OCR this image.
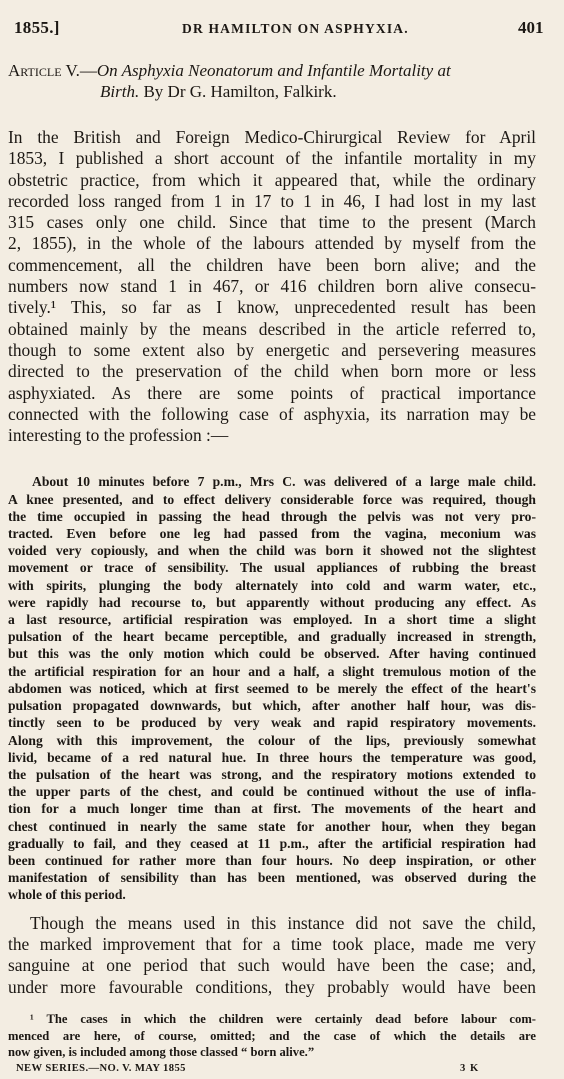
1855.]	DR HAMILTON ON ASPHYXIA.	401
Article V.—On Asphyxia Neonatorum and Infantile Mortality at
Birth. By Dr G. Hamilton, Falkirk.
In the British and Foreign Medico-Chirurgical Review for April
1853, I published a short account of the infantile mortality in my
obstetric practice, from which it appeared that, while the ordinary
recorded loss ranged from 1 in 17 to 1 in 46, I had lost in my last
315 cases only one child. Since that time to the present (March
2, 1855), in the whole of the labours attended by myself from the
commencement, all the children have been born alive; and the
numbers now stand 1 in 467, or 416 children born alive consecu-
tively.¹ This, so far as I know, unprecedented result has been
obtained mainly by the means described in the article referred to,
though to some extent also by energetic and persevering measures
directed to the preservation of the child when born more or less
asphyxiated. As there are some points of practical importance
connected with the following case of asphyxia, its narration may be
interesting to the profession :—
About 10 minutes before 7 p.m., Mrs C. was delivered of a large male child.
A knee presented, and to effect delivery considerable force was required, though
the time occupied in passing the head through the pelvis was not very pro-
tracted. Even before one leg had passed from the vagina, meconium was
voided very copiously, and when the child was born it showed not the slightest
movement or trace of sensibility. The usual appliances of rubbing the breast
with spirits, plunging the body alternately into cold and warm water, etc.,
were rapidly had recourse to, but apparently without producing any effect. As
a last resource, artificial respiration was employed. In a short time a slight
pulsation of the heart became perceptible, and gradually increased in strength,
but this was the only motion which could be observed. After having continued
the artificial respiration for an hour and a half, a slight tremulous motion of the
abdomen was noticed, which at first seemed to be merely the effect of the heart's
pulsation propagated downwards, but which, after another half hour, was dis-
tinctly seen to be produced by very weak and rapid respiratory movements.
Along with this improvement, the colour of the lips, previously somewhat
livid, became of a red natural hue. In three hours the temperature was good,
the pulsation of the heart was strong, and the respiratory motions extended to
the upper parts of the chest, and could be continued without the use of infla-
tion for a much longer time than at first. The movements of the heart and
chest continued in nearly the same state for another hour, when they began
gradually to fail, and they ceased at 11 p.m., after the artificial respiration had
been continued for rather more than four hours. No deep inspiration, or other
manifestation of sensibility than has been mentioned, was observed during the
whole of this period.
Though the means used in this instance did not save the child,
the marked improvement that for a time took place, made me very
sanguine at one period that such would have been the case; and,
under more favourable conditions, they probably would have been
¹ The cases in which the children were certainly dead before labour com-
menced are here, of course, omitted; and the case of which the details are
now given, is included among those classed “ born alive.”
NEW SERIES.—NO. V. MAY 1855	3 K
